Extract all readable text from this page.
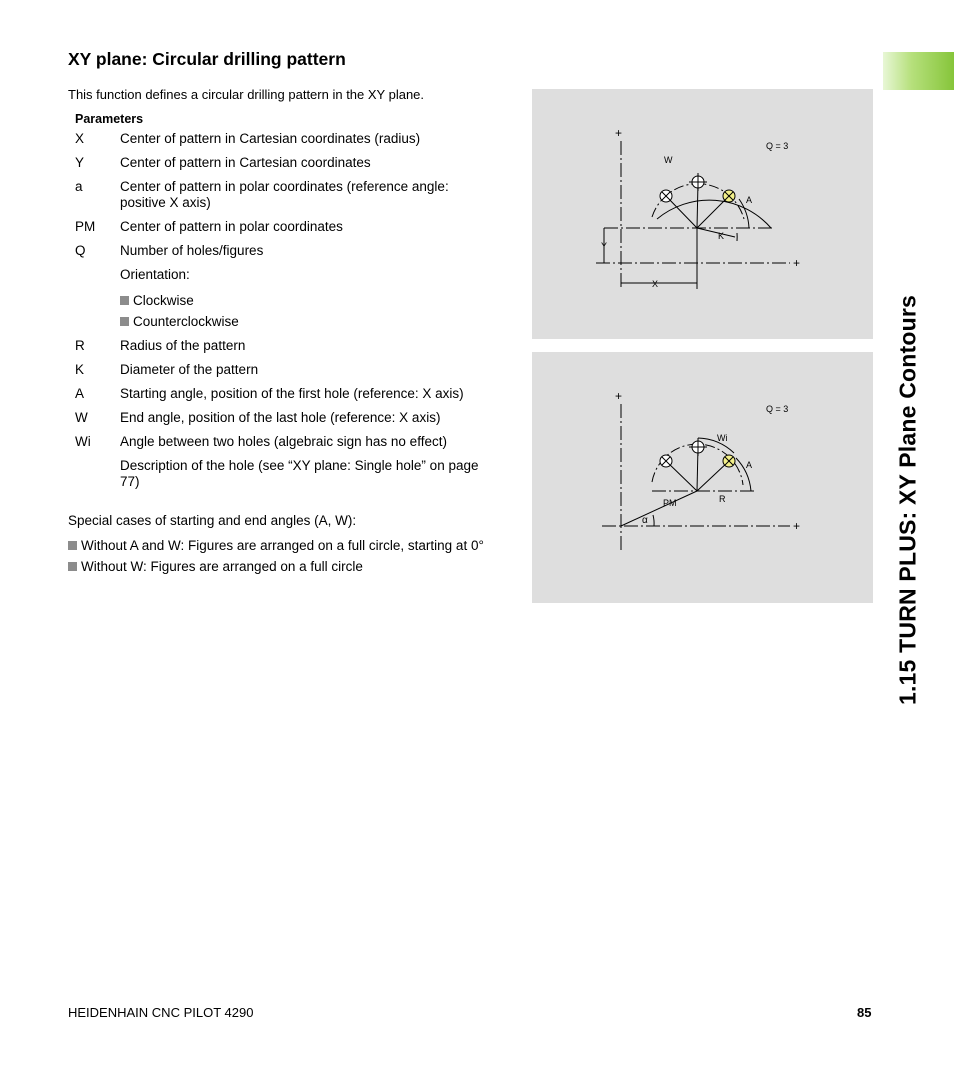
XY plane: Circular drilling pattern
This function defines a circular drilling pattern in the XY plane.
Parameters
X	Center of pattern in Cartesian coordinates (radius)
Y	Center of pattern in Cartesian coordinates
a	Center of pattern in polar coordinates (reference angle: positive X axis)
PM	Center of pattern in polar coordinates
Q	Number of holes/figures
Orientation:
Clockwise
Counterclockwise
R	Radius of the pattern
K	Diameter of the pattern
A	Starting angle, position of the first hole (reference: X axis)
W	End angle, position of the last hole (reference: X axis)
Wi	Angle between two holes (algebraic sign has no effect)
Description of the hole (see “XY plane: Single hole” on page 77)
Special cases of starting and end angles (A, W):
Without A and W: Figures are arranged on a full circle, starting at 0°
Without W: Figures are arranged on a full circle
+
+
Q = 3
W
A
K
Y
X
+
+
Q = 3
Wi
A
PM	R
α	1.15 TURN PLUS: XY Plane Contours
HEIDENHAIN CNC PILOT 4290	85
